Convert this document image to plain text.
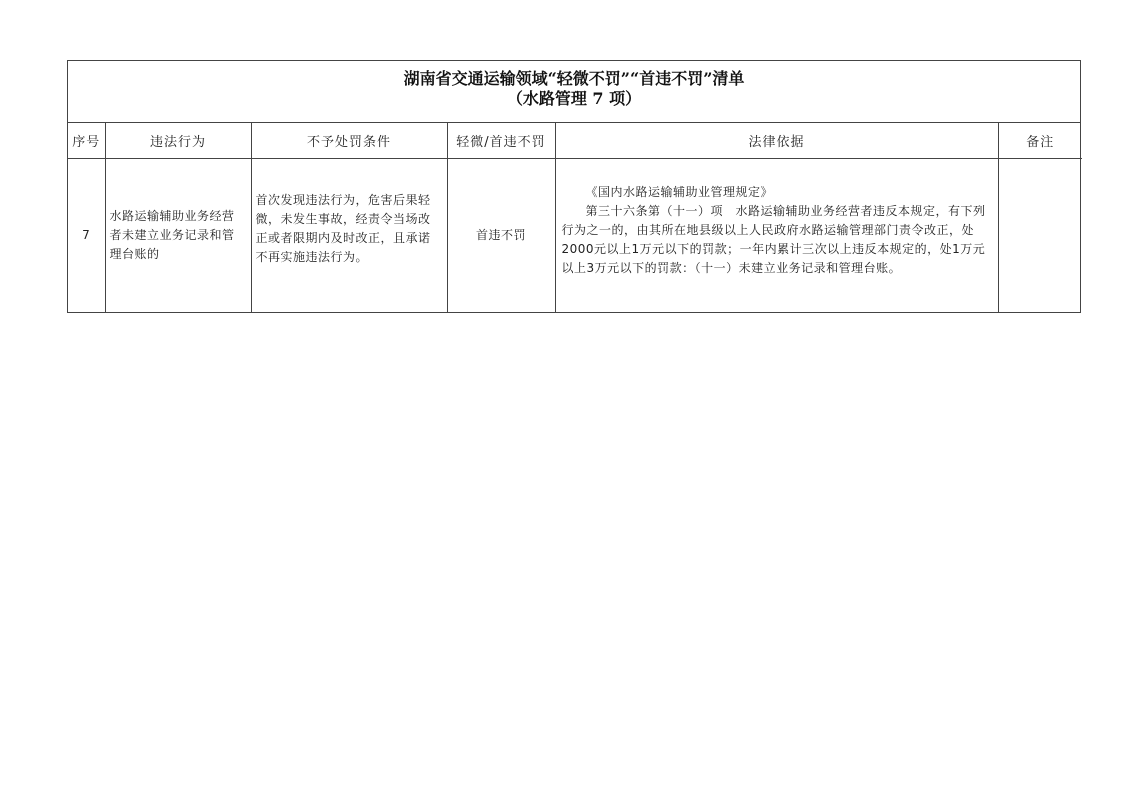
湖南省交通运输领域“轻微不罚”“首违不罚”清单
（水路管理 7 项）
序号	违法行为	不予处罚条件	轻微/首违不罚	法律依据	备注
7	水路运输辅助业务经营者未建立业务记录和管理台账的	首次发现违法行为，危害后果轻微，未发生事故，经责令当场改正或者限期内及时改正，且承诺不再实施违法行为。	首违不罚	《国内水路运输辅助业管理规定》
第三十六条第（十一）项　水路运输辅助业务经营者违反本规定，有下列行为之一的，由其所在地县级以上人民政府水路运输管理部门责令改正，处2000元以上1万元以下的罚款；一年内累计三次以上违反本规定的，处1万元以上3万元以下的罚款：（十一）未建立业务记录和管理台账。	
